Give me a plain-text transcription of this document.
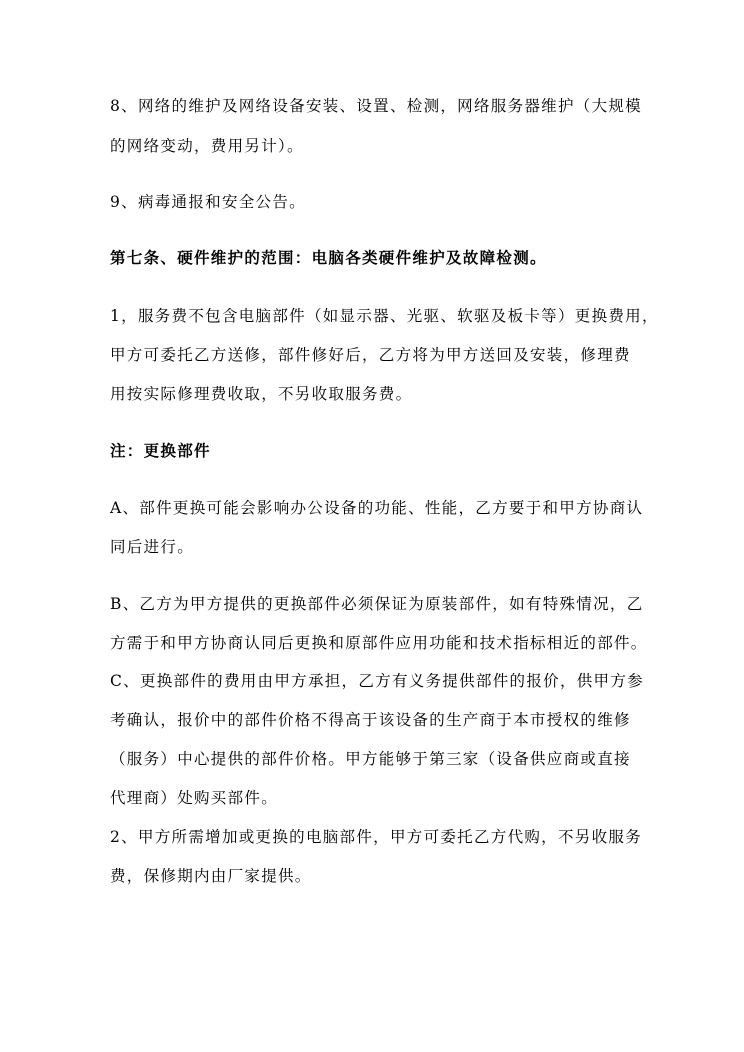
8、网络的维护及网络设备安装、设置、检测，网络服务器维护（大规模
的网络变动，费用另计）。
9、病毒通报和安全公告。
第七条、硬件维护的范围：电脑各类硬件维护及故障检测。
1，服务费不包含电脑部件（如显示器、光驱、软驱及板卡等）更换费用，
甲方可委托乙方送修，部件修好后，乙方将为甲方送回及安装，修理费
用按实际修理费收取，不另收取服务费。
注：更换部件
A、部件更换可能会影响办公设备的功能、性能，乙方要于和甲方协商认
同后进行。
B、乙方为甲方提供的更换部件必须保证为原装部件，如有特殊情况，乙
方需于和甲方协商认同后更换和原部件应用功能和技术指标相近的部件。
C、更换部件的费用由甲方承担，乙方有义务提供部件的报价，供甲方参
考确认，报价中的部件价格不得高于该设备的生产商于本市授权的维修
（服务）中心提供的部件价格。甲方能够于第三家（设备供应商或直接
代理商）处购买部件。
2、甲方所需增加或更换的电脑部件，甲方可委托乙方代购，不另收服务
费，保修期内由厂家提供。
